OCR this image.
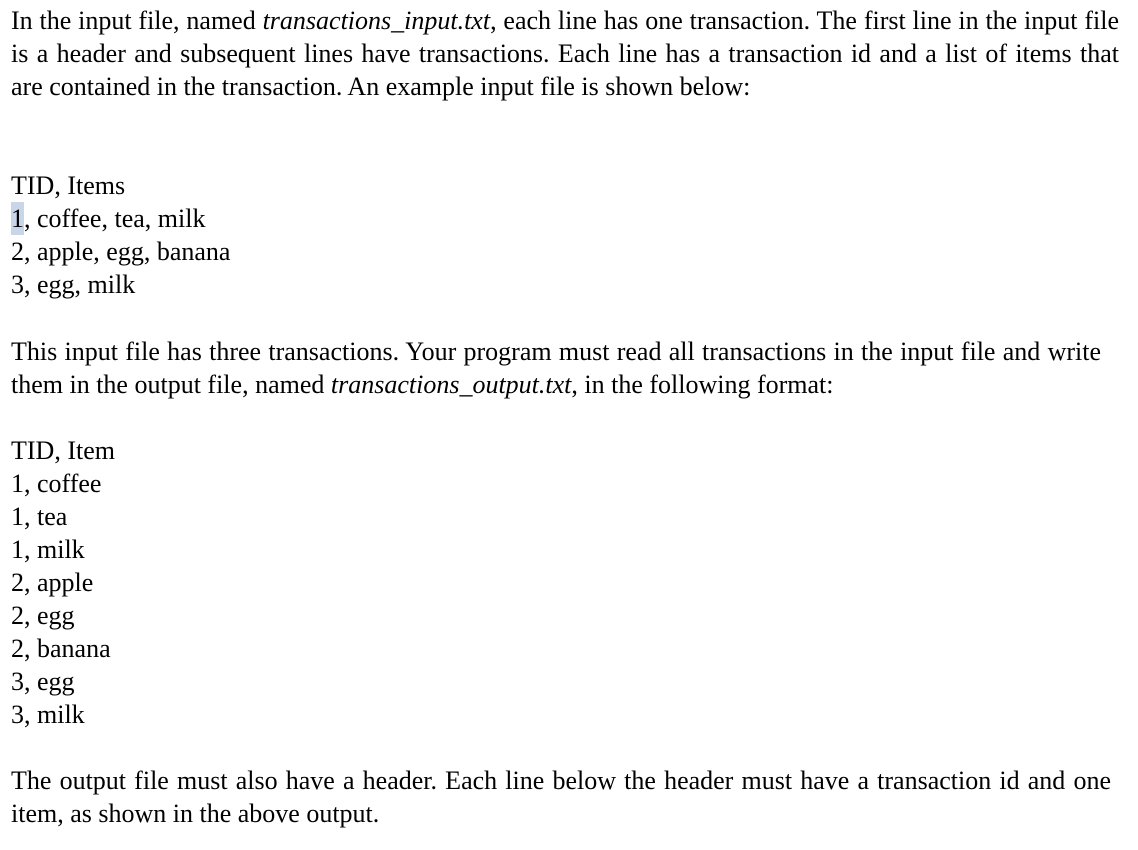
In the input file, named transactions_input.txt, each line has one transaction. The first line in the input file is a header and subsequent lines have transactions. Each line has a transaction id and a list of items that are contained in the transaction. An example input file is shown below:

TID, Items
1, coffee, tea, milk
2, apple, egg, banana
3, egg, milk

This input file has three transactions. Your program must read all transactions in the input file and write them in the output file, named transactions_output.txt, in the following format:

TID, Item
1, coffee
1, tea
1, milk
2, apple
2, egg
2, banana
3, egg
3, milk

The output file must also have a header. Each line below the header must have a transaction id and one item, as shown in the above output.
